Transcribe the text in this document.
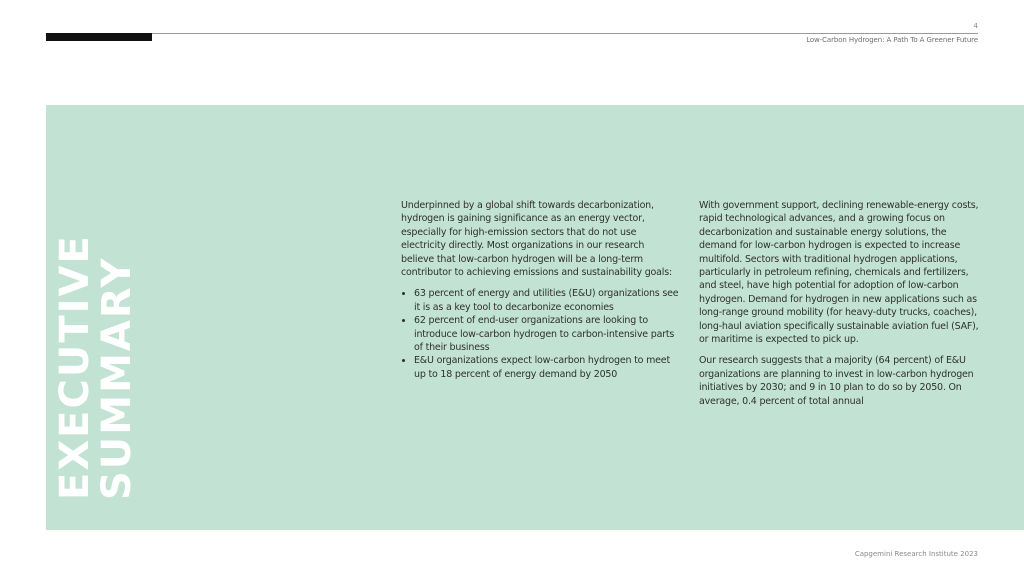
4
Low-Carbon Hydrogen: A Path To A Greener Future
EXECUTIVE
SUMMARY

Underpinned by a global shift towards decarbonization, hydrogen is gaining significance as an energy vector, especially for high-emission sectors that do not use electricity directly. Most organizations in our research believe that low-carbon hydrogen will be a long-term contributor to achieving emissions and sustainability goals:

• 63 percent of energy and utilities (E&U) organizations see it is as a key tool to decarbonize economies
• 62 percent of end-user organizations are looking to introduce low-carbon hydrogen to carbon-intensive parts of their business
• E&U organizations expect low-carbon hydrogen to meet up to 18 percent of energy demand by 2050

With government support, declining renewable-energy costs, rapid technological advances, and a growing focus on decarbonization and sustainable energy solutions, the demand for low-carbon hydrogen is expected to increase multifold. Sectors with traditional hydrogen applications, particularly in petroleum refining, chemicals and fertilizers, and steel, have high potential for adoption of low-carbon hydrogen. Demand for hydrogen in new applications such as long-range ground mobility (for heavy-duty trucks, coaches), long-haul aviation specifically sustainable aviation fuel (SAF), or maritime is expected to pick up.

Our research suggests that a majority (64 percent) of E&U organizations are planning to invest in low-carbon hydrogen initiatives by 2030; and 9 in 10 plan to do so by 2050. On average, 0.4 percent of total annual

Capgemini Research Institute 2023
